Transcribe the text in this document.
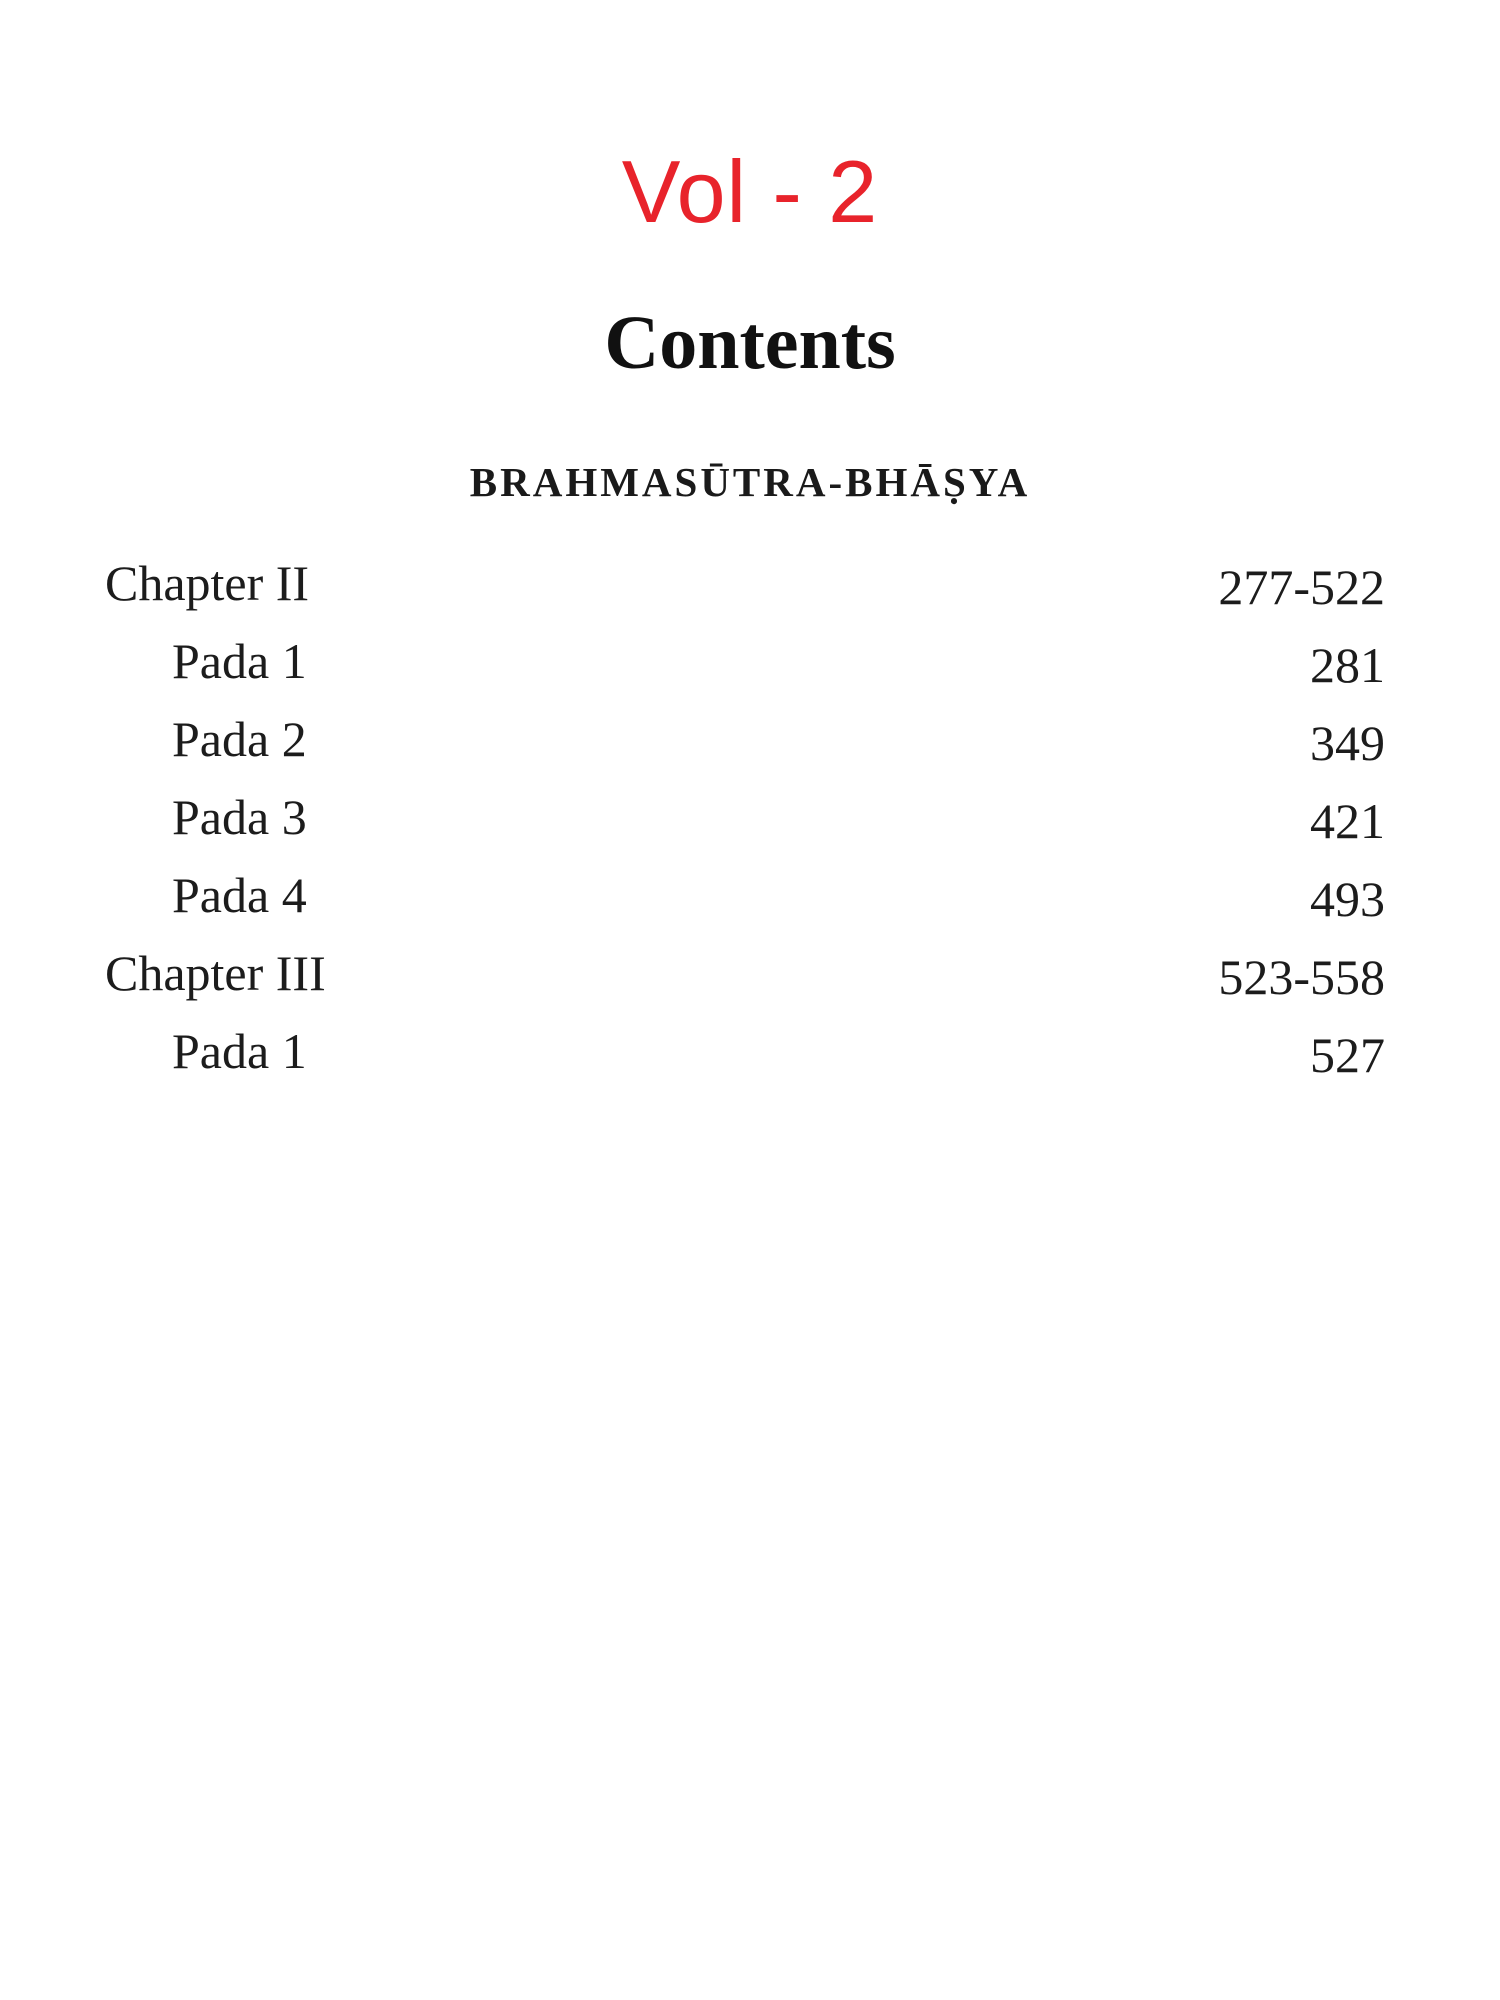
Vol - 2
Contents
BRAHMASŪTRA-BHĀṢYA
Chapter II	277-522
Pada 1	281
Pada 2	349
Pada 3	421
Pada 4	493
Chapter III	523-558
Pada 1	527
